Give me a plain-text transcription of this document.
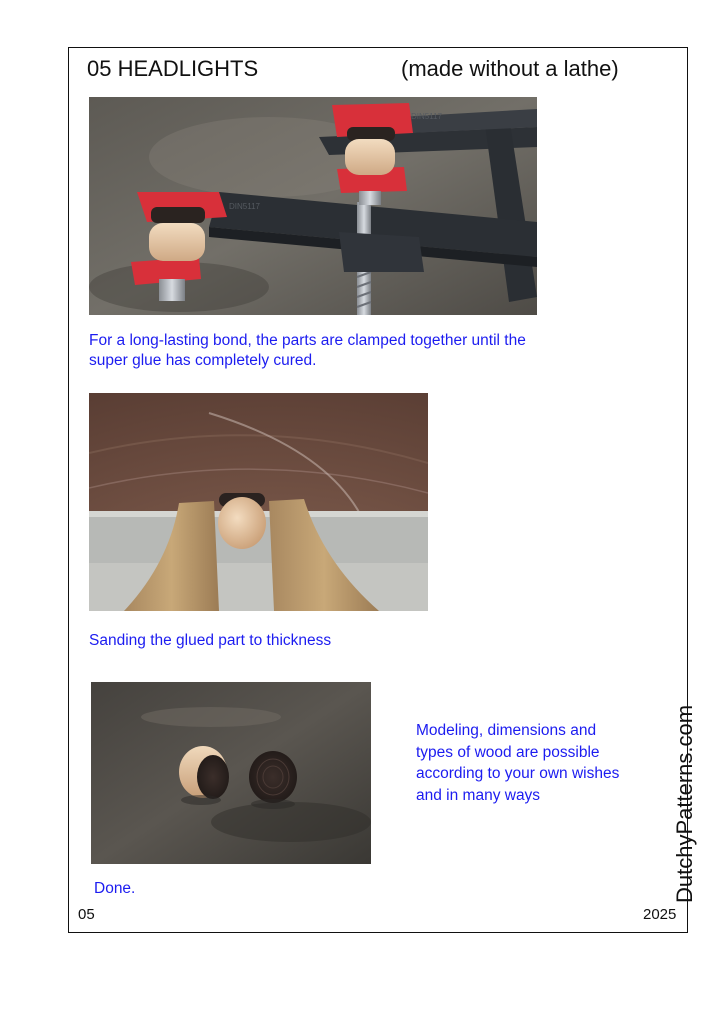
05 HEADLIGHTS	(made without a lathe)
DIN5117
DIN5117
For a long-lasting bond, the parts are clamped together until the super glue has completely cured.
Sanding the glued part to thickness
Modeling, dimensions and types of wood are possible according to your own wishes and in many ways
Done.
05	2025
DutchyPatterns.com
